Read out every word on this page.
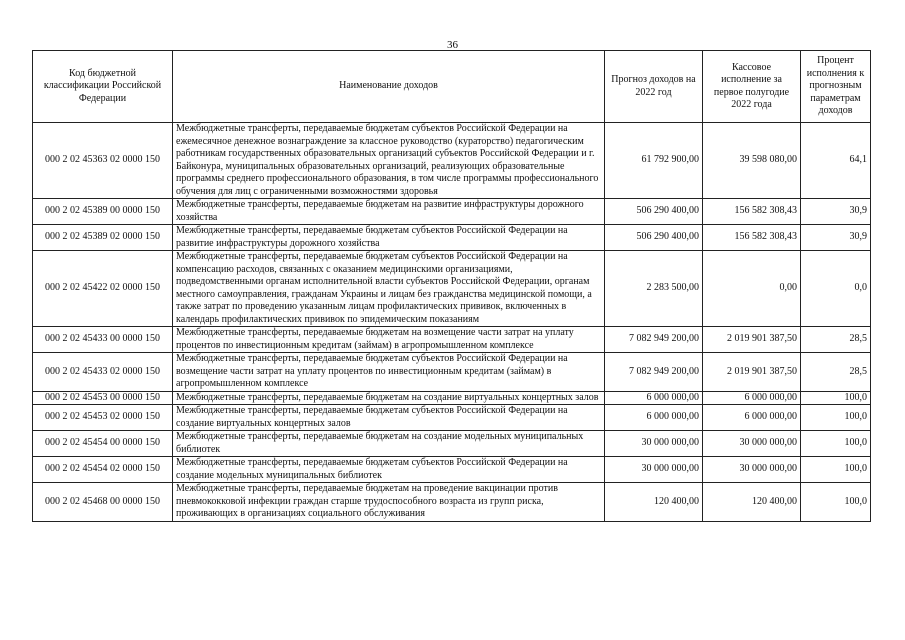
36
Код бюджетной классификации Российской Федерации	Наименование доходов	Прогноз доходов на 2022 год	Кассовое исполнение за первое полугодие 2022 года	Процент исполнения к прогнозным параметрам доходов
000 2 02 45363 02 0000 150	Межбюджетные трансферты, передаваемые бюджетам субъектов Российской Федерации на ежемесячное денежное вознаграждение за классное руководство (кураторство) педагогическим работникам государственных образовательных организаций субъектов Российской Федерации и г. Байконура, муниципальных образовательных организаций, реализующих образовательные программы среднего профессионального образования, в том числе программы профессионального обучения для лиц с ограниченными возможностями здоровья	61 792 900,00	39 598 080,00	64,1
000 2 02 45389 00 0000 150	Межбюджетные трансферты, передаваемые бюджетам на развитие инфраструктуры дорожного хозяйства	506 290 400,00	156 582 308,43	30,9
000 2 02 45389 02 0000 150	Межбюджетные трансферты, передаваемые бюджетам субъектов Российской Федерации на развитие инфраструктуры дорожного хозяйства	506 290 400,00	156 582 308,43	30,9
000 2 02 45422 02 0000 150	Межбюджетные трансферты, передаваемые бюджетам субъектов Российской Федерации на компенсацию расходов, связанных с оказанием медицинскими организациями, подведомственными органам исполнительной власти субъектов Российской Федерации, органам местного самоуправления, гражданам Украины и лицам без гражданства медицинской помощи, а также затрат по проведению указанным лицам профилактических прививок, включенных в календарь профилактических прививок по эпидемическим показаниям	2 283 500,00	0,00	0,0
000 2 02 45433 00 0000 150	Межбюджетные трансферты, передаваемые бюджетам на возмещение части затрат на уплату процентов по инвестиционным кредитам (займам) в агропромышленном комплексе	7 082 949 200,00	2 019 901 387,50	28,5
000 2 02 45433 02 0000 150	Межбюджетные трансферты, передаваемые бюджетам субъектов Российской Федерации на возмещение части затрат на уплату процентов по инвестиционным кредитам (займам) в агропромышленном комплексе	7 082 949 200,00	2 019 901 387,50	28,5
000 2 02 45453 00 0000 150	Межбюджетные трансферты, передаваемые бюджетам на создание виртуальных концертных залов	6 000 000,00	6 000 000,00	100,0
000 2 02 45453 02 0000 150	Межбюджетные трансферты, передаваемые бюджетам субъектов Российской Федерации на создание виртуальных концертных залов	6 000 000,00	6 000 000,00	100,0
000 2 02 45454 00 0000 150	Межбюджетные трансферты, передаваемые бюджетам на создание модельных муниципальных библиотек	30 000 000,00	30 000 000,00	100,0
000 2 02 45454 02 0000 150	Межбюджетные трансферты, передаваемые бюджетам субъектов Российской Федерации на создание модельных муниципальных библиотек	30 000 000,00	30 000 000,00	100,0
000 2 02 45468 00 0000 150	Межбюджетные трансферты, передаваемые бюджетам на проведение вакцинации против пневмококковой инфекции граждан старше трудоспособного возраста из групп риска, проживающих в организациях социального обслуживания	120 400,00	120 400,00	100,0
